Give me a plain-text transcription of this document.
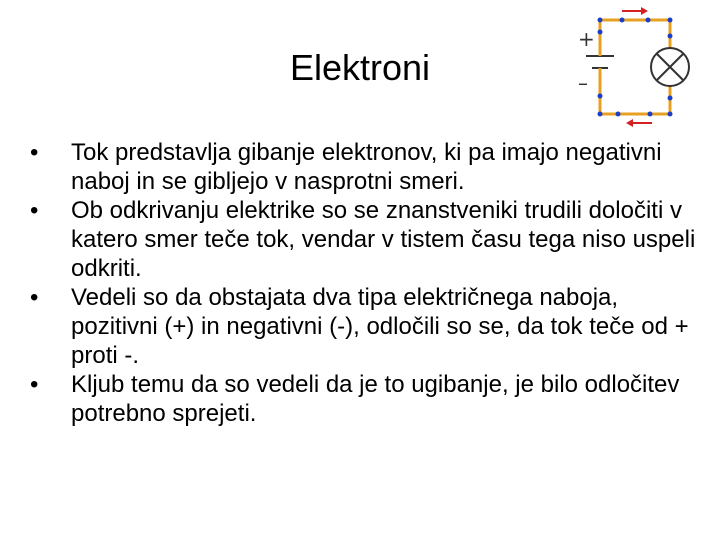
Elektroni
+
–
• Tok predstavlja gibanje elektronov, ki pa imajo negativni naboj in se gibljejo v nasprotni smeri.
• Ob odkrivanju elektrike so se znanstveniki trudili določiti v katero smer teče tok, vendar v tistem času tega niso uspeli odkriti.
• Vedeli so da obstajata dva tipa električnega naboja, pozitivni (+) in negativni (-), odločili so se, da tok teče od + proti -.
• Kljub temu da so vedeli da je to ugibanje, je bilo odločitev potrebno sprejeti.
